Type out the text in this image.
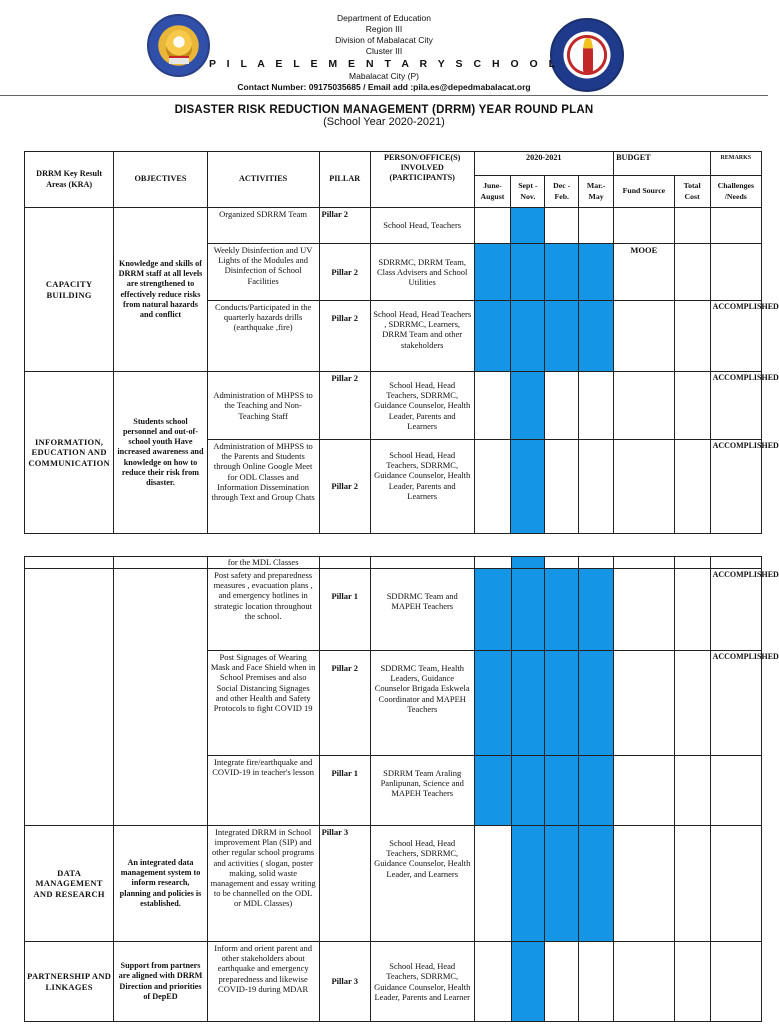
Department of Education
Region III
Division of Mabalacat City
Cluster III
P I L A E L E M E N T A R Y S C H O O L
Mabalacat City (P)
Contact Number: 09175035685 / Email add :pila.es@depedmabalacat.org
DISASTER RISK REDUCTION MANAGEMENT (DRRM) YEAR ROUND PLAN
(School Year 2020-2021)
DRRM Key Result Areas (KRA)	OBJECTIVES	ACTIVITIES	PILLAR	PERSON/OFFICE(S) INVOLVED (PARTICIPANTS)	2020-2021				BUDGET		REMARKS
					June-August	Sept - Nov.	Dec - Feb.	Mar.- May	Fund Source	Total Cost	Challenges /Needs
CAPACITY BUILDING	Knowledge and skills of DRRM staff at all levels are strengthened to effectively reduce risks from natural hazards and conflict	Organized SDRRM Team	Pillar 2	School Head, Teachers							
		Weekly Disinfection and UV Lights of the Modules and Disinfection of School Facilities	Pillar 2	SDRRMC, DRRM Team, Class Advisers and School Utilities					MOOE		
		Conducts/Participated in the quarterly hazards drills (earthquake ,fire)	Pillar 2	School Head, Head Teachers , SDRRMC, Learners, DRRM Team and other stakeholders							ACCOMPLISHED
INFORMATION, EDUCATION AND COMMUNICATION	Students school personnel and out-of- school youth Have increased awareness and knowledge on how to reduce their risk from disaster.	Administration of MHPSS to the Teaching and Non- Teaching Staff	Pillar 2	School Head, Head Teachers, SDRRMC, Guidance Counselor, Health Leader, Parents and Learners							ACCOMPLISHED
		Administration of MHPSS to the Parents and Students through Online Google Meet for ODL Classes and Information Dissemination through Text and Group Chats	Pillar 2	School Head, Head Teachers, SDRRMC, Guidance Counselor, Health Leader, Parents and Learners							ACCOMPLISHED
		for the MDL Classes									
		Post safety and preparedness measures , evacuation plans , and emergency hotlines in strategic location throughout the school.	Pillar 1	SDDRMC Team and MAPEH Teachers							ACCOMPLISHED
		Post Signages of Wearing Mask and Face Shield when in School Premises and also Social Distancing Signages and other Health and Safety Protocols to fight COVID 19	Pillar 2	SDDRMC Team, Health Leaders, Guidance Counselor Brigada Eskwela Coordinator and MAPEH Teachers							ACCOMPLISHED
		Integrate fire/earthquake and COVID-19 in teacher's lesson	Pillar 1	SDRRM Team Araling Panlipunan, Science and MAPEH Teachers							
DATA MANAGEMENT AND RESEARCH	An integrated data management system to inform research, planning and policies is established.	Integrated DRRM in School improvement Plan (SIP) and other regular school programs and activities ( slogan, poster making, solid waste management and essay writing to be channelled on the ODL or MDL Classes)	Pillar 3	School Head, Head Teachers, SDRRMC, Guidance Counselor, Health Leader, and Learners							
PARTNERSHIP AND LINKAGES	Support from partners are aligned with DRRM Direction and priorities of DepED	Inform and orient parent and other stakeholders about earthquake and emergency preparedness and likewise COVID-19 during MDAR	Pillar 3	School Head, Head Teachers, SDRRMC, Guidance Counselor, Health Leader, Parents and Learner							
